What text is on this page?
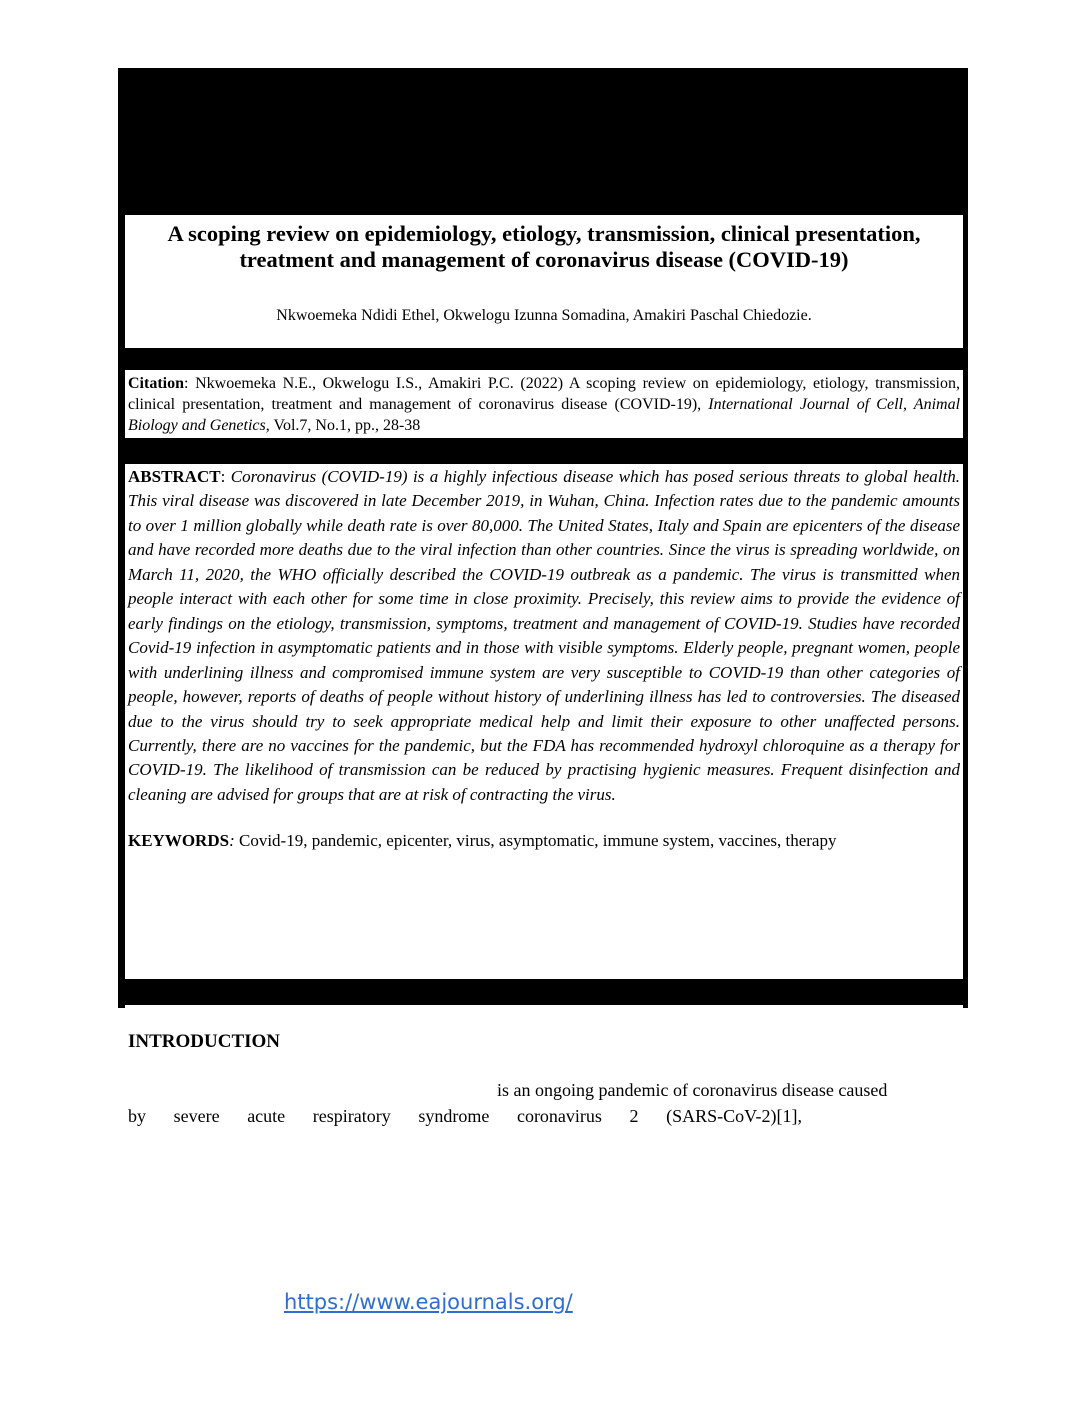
A scoping review on epidemiology, etiology, transmission, clinical presentation, treatment and management of coronavirus disease (COVID-19)
Nkwoemeka Ndidi Ethel, Okwelogu Izunna Somadina, Amakiri Paschal Chiedozie.
Citation: Nkwoemeka N.E., Okwelogu I.S., Amakiri P.C. (2022) A scoping review on epidemiology, etiology, transmission, clinical presentation, treatment and management of coronavirus disease (COVID-19), International Journal of Cell, Animal Biology and Genetics, Vol.7, No.1, pp., 28-38
ABSTRACT: Coronavirus (COVID-19) is a highly infectious disease which has posed serious threats to global health. This viral disease was discovered in late December 2019, in Wuhan, China. Infection rates due to the pandemic amounts to over 1 million globally while death rate is over 80,000. The United States, Italy and Spain are epicenters of the disease and have recorded more deaths due to the viral infection than other countries. Since the virus is spreading worldwide, on March 11, 2020, the WHO officially described the COVID-19 outbreak as a pandemic. The virus is transmitted when people interact with each other for some time in close proximity. Precisely, this review aims to provide the evidence of early findings on the etiology, transmission, symptoms, treatment and management of COVID-19. Studies have recorded Covid-19 infection in asymptomatic patients and in those with visible symptoms. Elderly people, pregnant women, people with underlining illness and compromised immune system are very susceptible to COVID-19 than other categories of people, however, reports of deaths of people without history of underlining illness has led to controversies. The diseased due to the virus should try to seek appropriate medical help and limit their exposure to other unaffected persons. Currently, there are no vaccines for the pandemic, but the FDA has recommended hydroxyl chloroquine as a therapy for COVID-19. The likelihood of transmission can be reduced by practising hygienic measures. Frequent disinfection and cleaning are advised for groups that are at risk of contracting the virus.
KEYWORDS: Covid-19, pandemic, epicenter, virus, asymptomatic, immune system, vaccines, therapy
INTRODUCTION
is an ongoing pandemic of coronavirus disease caused
by severe acute respiratory syndrome coronavirus 2 (SARS-CoV-2)[1],
https://www.eajournals.org/
